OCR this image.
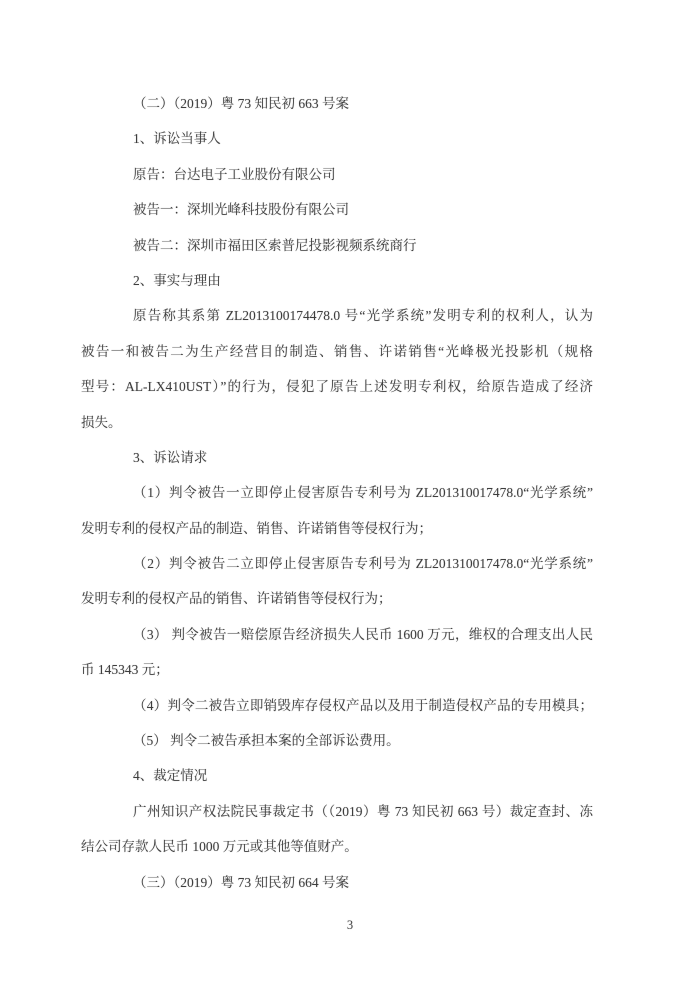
（二）（2019）粤 73 知民初 663 号案
1、诉讼当事人
原告：台达电子工业股份有限公司
被告一：深圳光峰科技股份有限公司
被告二：深圳市福田区索普尼投影视频系统商行
2、事实与理由
原告称其系第 ZL2013100174478.0 号“光学系统”发明专利的权利人，认为
被告一和被告二为生产经营目的制造、销售、许诺销售“光峰极光投影机（规格
型号：AL-LX410UST）”的行为，侵犯了原告上述发明专利权，给原告造成了经济
损失。
3、诉讼请求
（1）判令被告一立即停止侵害原告专利号为 ZL201310017478.0“光学系统”
发明专利的侵权产品的制造、销售、许诺销售等侵权行为；
（2）判令被告二立即停止侵害原告专利号为 ZL201310017478.0“光学系统”
发明专利的侵权产品的销售、许诺销售等侵权行为；
（3） 判令被告一赔偿原告经济损失人民币 1600 万元，维权的合理支出人民
币 145343 元；
（4）判令二被告立即销毁库存侵权产品以及用于制造侵权产品的专用模具；
（5） 判令二被告承担本案的全部诉讼费用。
4、裁定情况
广州知识产权法院民事裁定书（（2019）粤 73 知民初 663 号）裁定查封、冻
结公司存款人民币 1000 万元或其他等值财产。
（三）（2019）粤 73 知民初 664 号案
3
